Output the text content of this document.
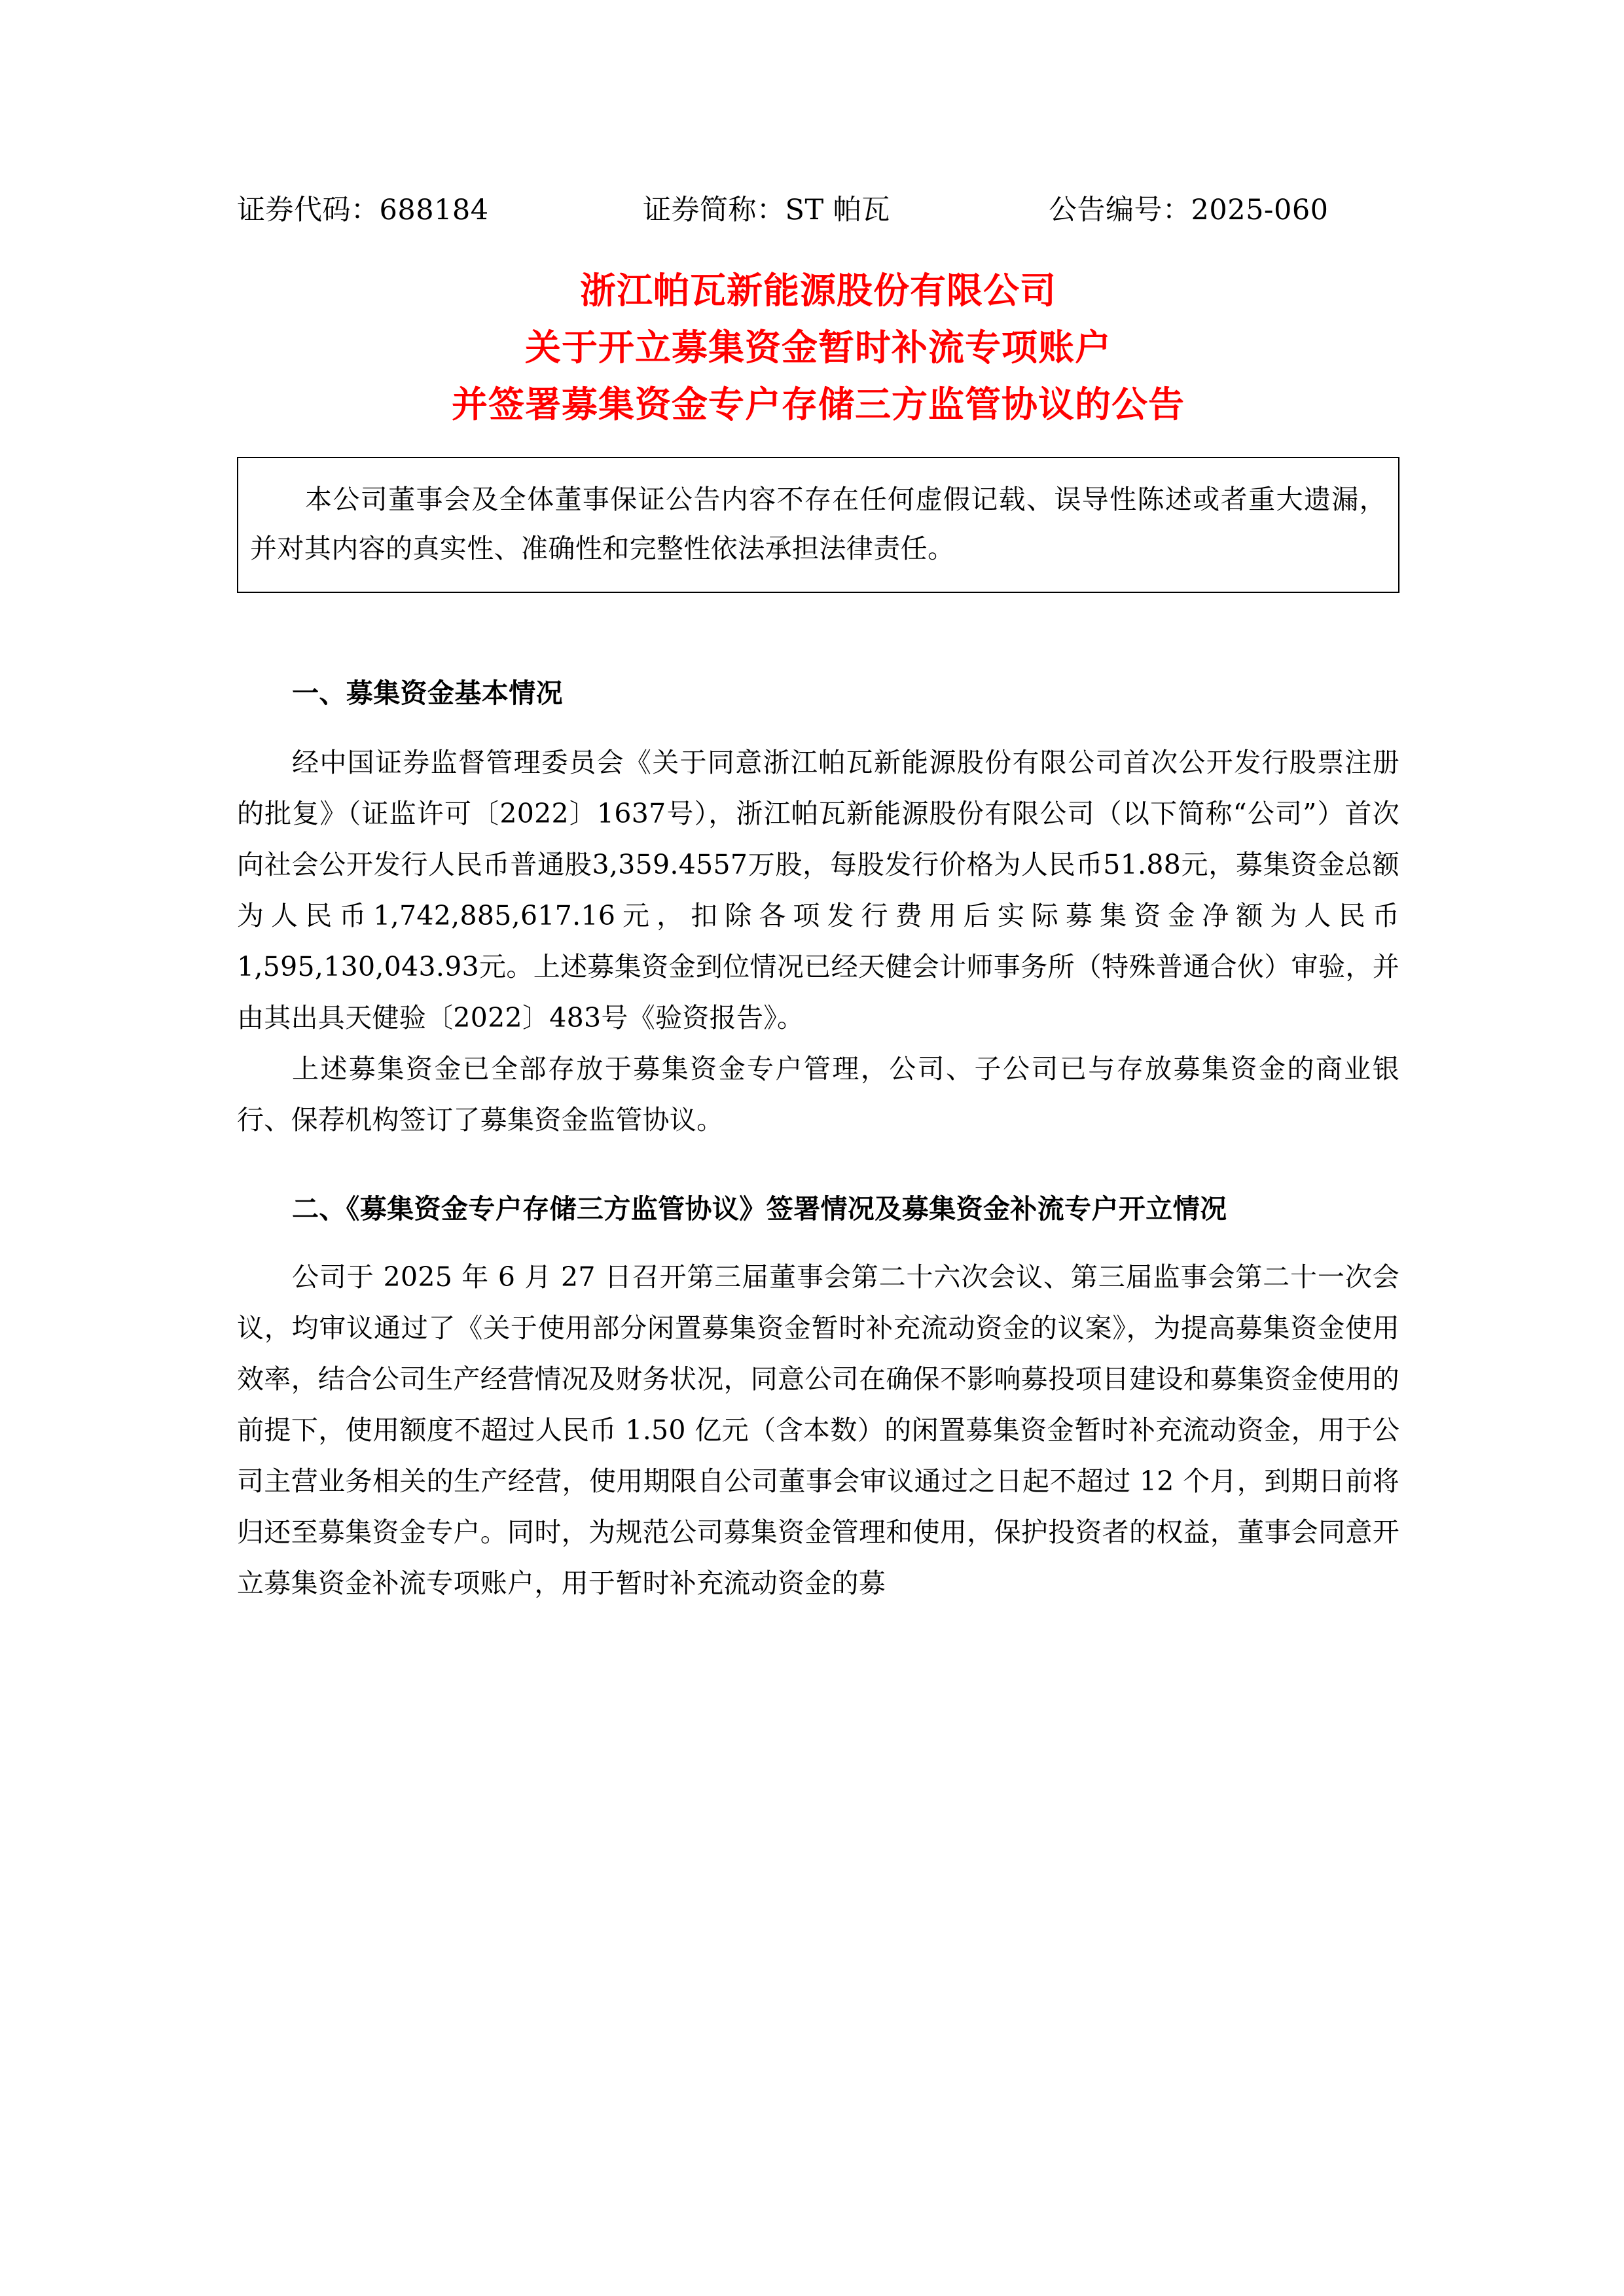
证券代码：688184	证券简称：ST 帕瓦	公告编号：2025-060
浙江帕瓦新能源股份有限公司
关于开立募集资金暂时补流专项账户
并签署募集资金专户存储三方监管协议的公告
本公司董事会及全体董事保证公告内容不存在任何虚假记载、误导性陈述或者重大遗漏，并对其内容的真实性、准确性和完整性依法承担法律责任。
一、募集资金基本情况
经中国证券监督管理委员会《关于同意浙江帕瓦新能源股份有限公司首次公开发行股票注册的批复》（证监许可〔2022〕1637号），浙江帕瓦新能源股份有限公司（以下简称“公司”）首次向社会公开发行人民币普通股3,359.4557万股，每股发行价格为人民币51.88元，募集资金总额为人民币1,742,885,617.16元，扣除各项发行费用后实际募集资金净额为人民币1,595,130,043.93元。上述募集资金到位情况已经天健会计师事务所（特殊普通合伙）审验，并由其出具天健验〔2022〕483号《验资报告》。
上述募集资金已全部存放于募集资金专户管理，公司、子公司已与存放募集资金的商业银行、保荐机构签订了募集资金监管协议。
二、《募集资金专户存储三方监管协议》签署情况及募集资金补流专户开立情况
公司于 2025 年 6 月 27 日召开第三届董事会第二十六次会议、第三届监事会第二十一次会议，均审议通过了《关于使用部分闲置募集资金暂时补充流动资金的议案》，为提高募集资金使用效率，结合公司生产经营情况及财务状况，同意公司在确保不影响募投项目建设和募集资金使用的前提下，使用额度不超过人民币 1.50 亿元（含本数）的闲置募集资金暂时补充流动资金，用于公司主营业务相关的生产经营，使用期限自公司董事会审议通过之日起不超过 12 个月，到期日前将归还至募集资金专户。同时，为规范公司募集资金管理和使用，保护投资者的权益，董事会同意开立募集资金补流专项账户，用于暂时补充流动资金的募
